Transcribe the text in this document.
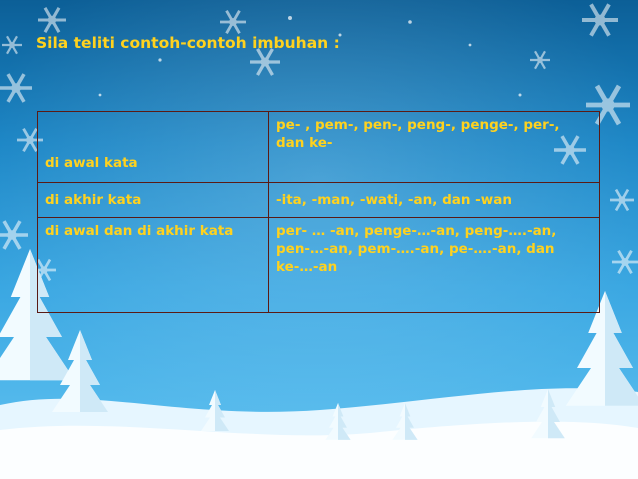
Sila teliti contoh-contoh imbuhan :
di awal kata	pe- , pem-, pen-, peng-, penge-, per-, dan ke-
di akhir kata	-ita, -man, -wati, -an, dan -wan
di awal dan di akhir kata	per- … -an, penge-…-an, peng-….-an, pen-…-an, pem-….-an, pe-….-an, dan ke-…-an
